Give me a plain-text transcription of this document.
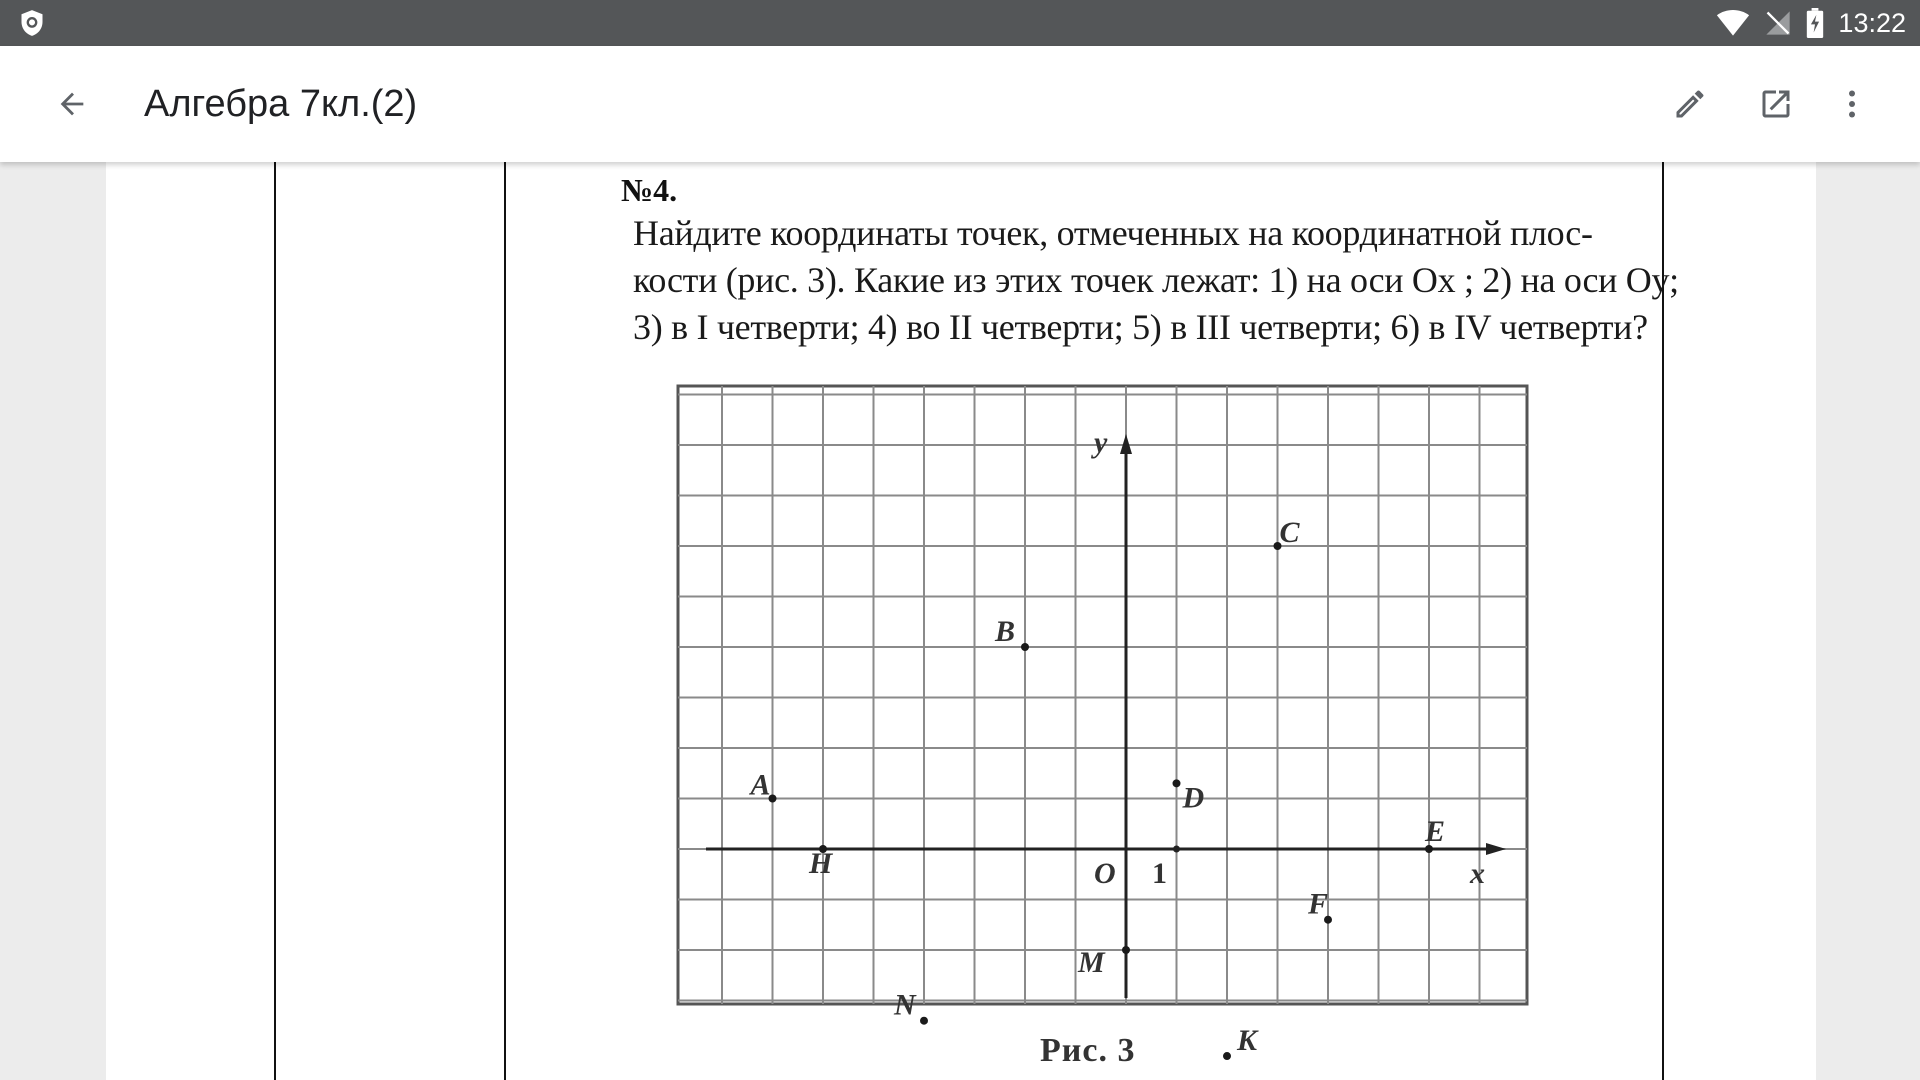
13:22
Алгебра 7кл.(2)
№4.
Найдите координаты точек, отмеченных на координатной плос-
кости (рис. 3). Какие из этих точек лежат: 1) на оси Ox ; 2) на оси Oy;
3) в I четверти; 4) во II четверти; 5) в III четверти; 6) в IV четверти?
y
x
O 1
A
H
B
C
D
E
F
M
N
K
Рис. 3
